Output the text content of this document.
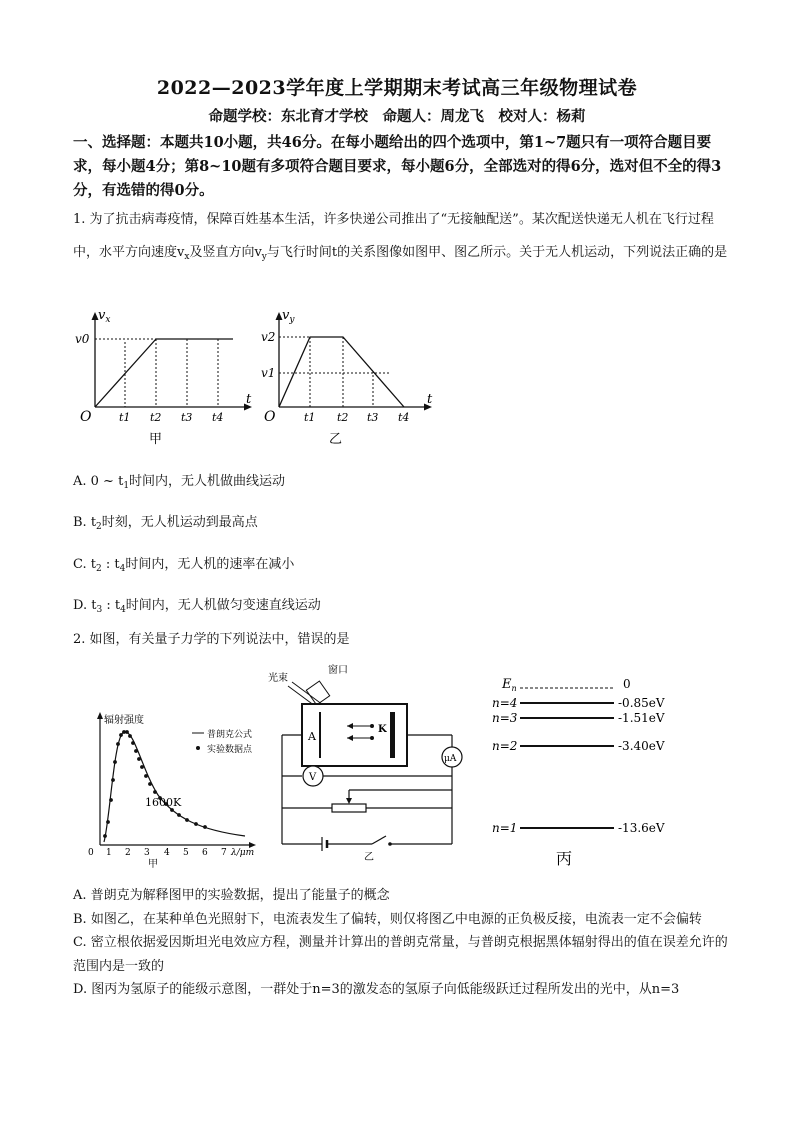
2022—2023学年度上学期期末考试高三年级物理试卷
命题学校：东北育才学校　命题人：周龙飞　校对人：杨莉
一、选择题：本题共10小题，共46分。在每小题给出的四个选项中，第1~7题只有一项符合题目要求，每小题4分；第8~10题有多项符合题目要求，每小题6分，全部选对的得6分，选对但不全的得3分，有选错的得0分。
1. 为了抗击病毒疫情，保障百姓基本生活，许多快递公司推出了“无接触配送”。某次配送快递无人机在飞行过程中，水平方向速度$v_x$及竖直方向$v_y$与飞行时间t的关系图像如图甲、图乙所示。关于无人机运动，下列说法正确的是
$v_x$
v0
O
t
t1 t2 t3 t4
甲
$v_y$
v2
v1
O
t
t1 t2 t3 t4
乙
A. 0 ~ $t_1$时间内，无人机做曲线运动
B. $t_2$时刻，无人机运动到最高点
C. $t_2$ : $t_4$时间内，无人机的速率在减小
D. $t_3$ : $t_4$时间内，无人机做匀变速直线运动
2. 如图，有关量子力学的下列说法中，错误的是
辐射强度
普朗克公式
实验数据点
1600K
0 1 2 3 4 5 6 7 λ/μm
甲
光束
窗口
A
K
μA
V
乙
$E_n$	0
n=4	-0.85eV
n=3	-1.51eV
n=2	-3.40eV
n=1	-13.6eV
丙
A. 普朗克为解释图甲的实验数据，提出了能量子的概念
B. 如图乙，在某种单色光照射下，电流表发生了偏转，则仅将图乙中电源的正负极反接，电流表一定不会偏转
C. 密立根依据爱因斯坦光电效应方程，测量并计算出的普朗克常量，与普朗克根据黑体辐射得出的值在误差允许的范围内是一致的
D. 图丙为氢原子的能级示意图，一群处于n=3的激发态的氢原子向低能级跃迁过程所发出的光中，从n=3
